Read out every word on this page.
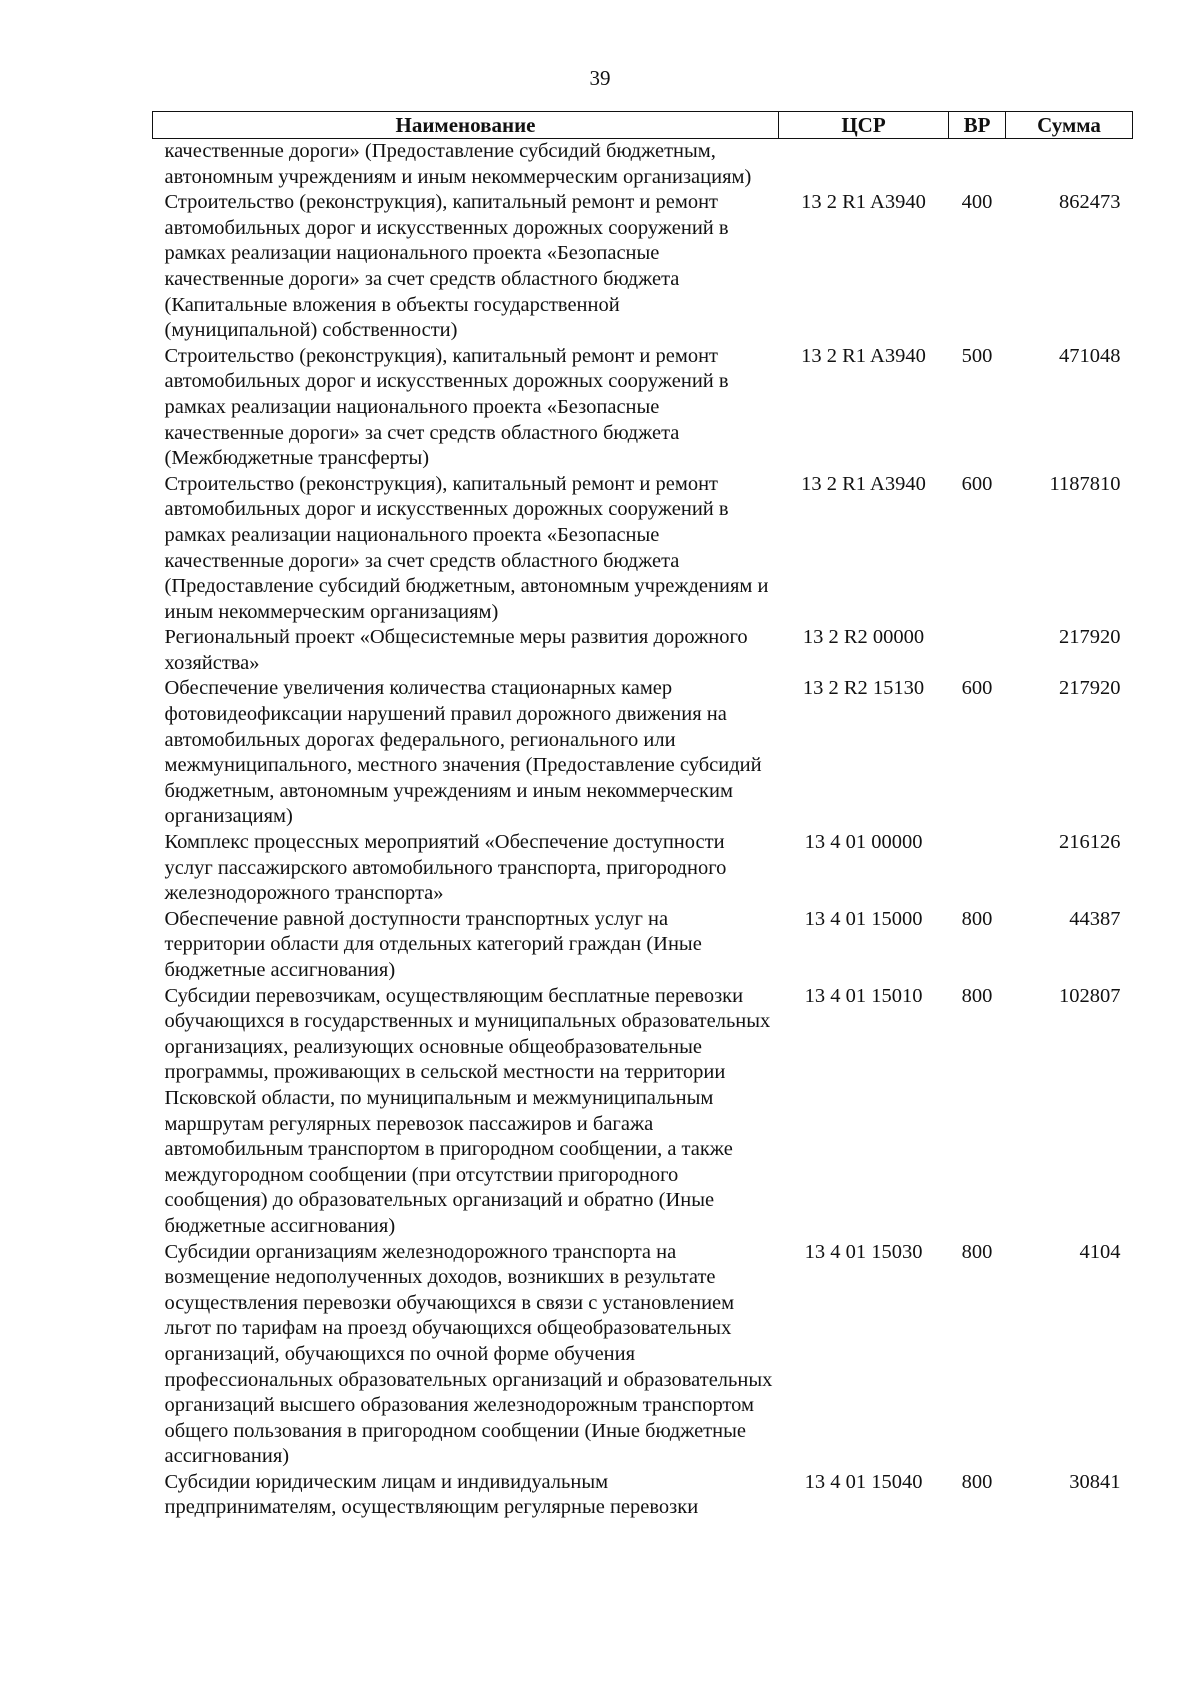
39
Наименование	ЦСР	ВР	Сумма
качественные дороги» (Предоставление субсидий бюджетным, автономным учреждениям и иным некоммерческим организациям)			
Строительство (реконструкция), капитальный ремонт и ремонт автомобильных дорог и искусственных дорожных сооружений в рамках реализации национального проекта «Безопасные качественные дороги» за счет средств областного бюджета (Капитальные вложения в объекты государственной (муниципальной) собственности)	13 2 R1 A3940	400	862473
Строительство (реконструкция), капитальный ремонт и ремонт автомобильных дорог и искусственных дорожных сооружений в рамках реализации национального проекта «Безопасные качественные дороги» за счет средств областного бюджета (Межбюджетные трансферты)	13 2 R1 A3940	500	471048
Строительство (реконструкция), капитальный ремонт и ремонт автомобильных дорог и искусственных дорожных сооружений в рамках реализации национального проекта «Безопасные качественные дороги» за счет средств областного бюджета (Предоставление субсидий бюджетным, автономным учреждениям и иным некоммерческим организациям)	13 2 R1 A3940	600	1187810
Региональный проект «Общесистемные меры развития дорожного хозяйства»	13 2 R2 00000		217920
Обеспечение увеличения количества стационарных камер фотовидеофиксации нарушений правил дорожного движения на автомобильных дорогах федерального, регионального или межмуниципального, местного значения (Предоставление субсидий бюджетным, автономным учреждениям и иным некоммерческим организациям)	13 2 R2 15130	600	217920
Комплекс процессных мероприятий «Обеспечение доступности услуг пассажирского автомобильного транспорта, пригородного железнодорожного транспорта»	13 4 01 00000		216126
Обеспечение равной доступности транспортных услуг на территории области для отдельных категорий граждан (Иные бюджетные ассигнования)	13 4 01 15000	800	44387
Субсидии перевозчикам, осуществляющим бесплатные перевозки обучающихся в государственных и муниципальных образовательных организациях, реализующих основные общеобразовательные программы, проживающих в сельской местности на территории Псковской области, по муниципальным и межмуниципальным маршрутам регулярных перевозок пассажиров и багажа автомобильным транспортом в пригородном сообщении, а также междугородном сообщении (при отсутствии пригородного сообщения) до образовательных организаций и обратно (Иные бюджетные ассигнования)	13 4 01 15010	800	102807
Субсидии организациям железнодорожного транспорта на возмещение недополученных доходов, возникших в результате осуществления перевозки обучающихся в связи с установлением льгот по тарифам на проезд обучающихся общеобразовательных организаций, обучающихся по очной форме обучения профессиональных образовательных организаций и образовательных организаций высшего образования железнодорожным транспортом общего пользования в пригородном сообщении (Иные бюджетные ассигнования)	13 4 01 15030	800	4104
Субсидии юридическим лицам и индивидуальным предпринимателям, осуществляющим регулярные перевозки	13 4 01 15040	800	30841
